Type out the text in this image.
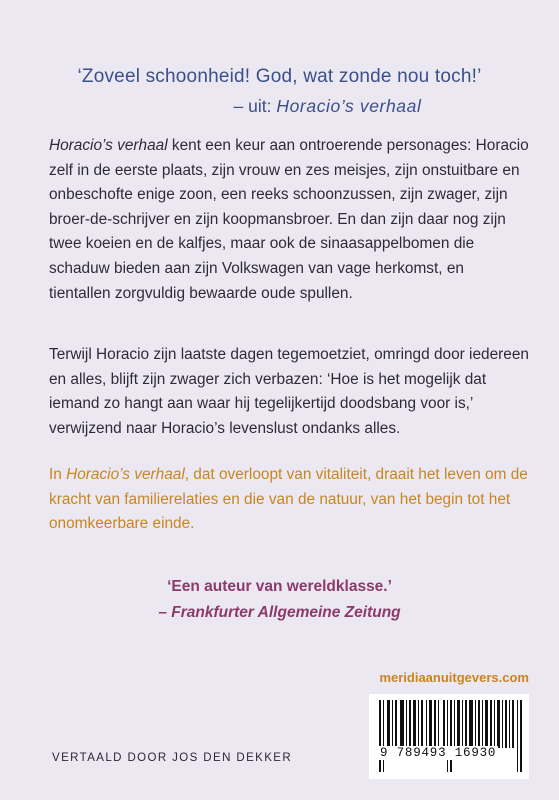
‘Zoveel schoonheid! God, wat zonde nou toch!’
– uit: Horacio’s verhaal
Horacio’s verhaal kent een keur aan ontroerende personages: Horacio zelf in de eerste plaats, zijn vrouw en zes meisjes, zijn onstuitbare en onbeschofte enige zoon, een reeks schoonzussen, zijn zwager, zijn broer-de-schrijver en zijn koopmansbroer. En dan zijn daar nog zijn twee koeien en de kalfjes, maar ook de sinaasappelbomen die schaduw bieden aan zijn Volkswagen van vage herkomst, en tientallen zorgvuldig bewaarde oude spullen.
Terwijl Horacio zijn laatste dagen tegemoetziet, omringd door iedereen en alles, blijft zijn zwager zich verbazen: ‘Hoe is het mogelijk dat iemand zo hangt aan waar hij tegelijkertijd doodsbang voor is,’ verwijzend naar Horacio’s levenslust ondanks alles.
In Horacio’s verhaal, dat overloopt van vitaliteit, draait het leven om de kracht van familierelaties en die van de natuur, van het begin tot het onomkeerbare einde.
‘Een auteur van wereldklasse.’
– Frankfurter Allgemeine Zeitung
meridiaanuitgevers.com
9 789493 16930
VERTAALD DOOR JOS DEN DEKKER
